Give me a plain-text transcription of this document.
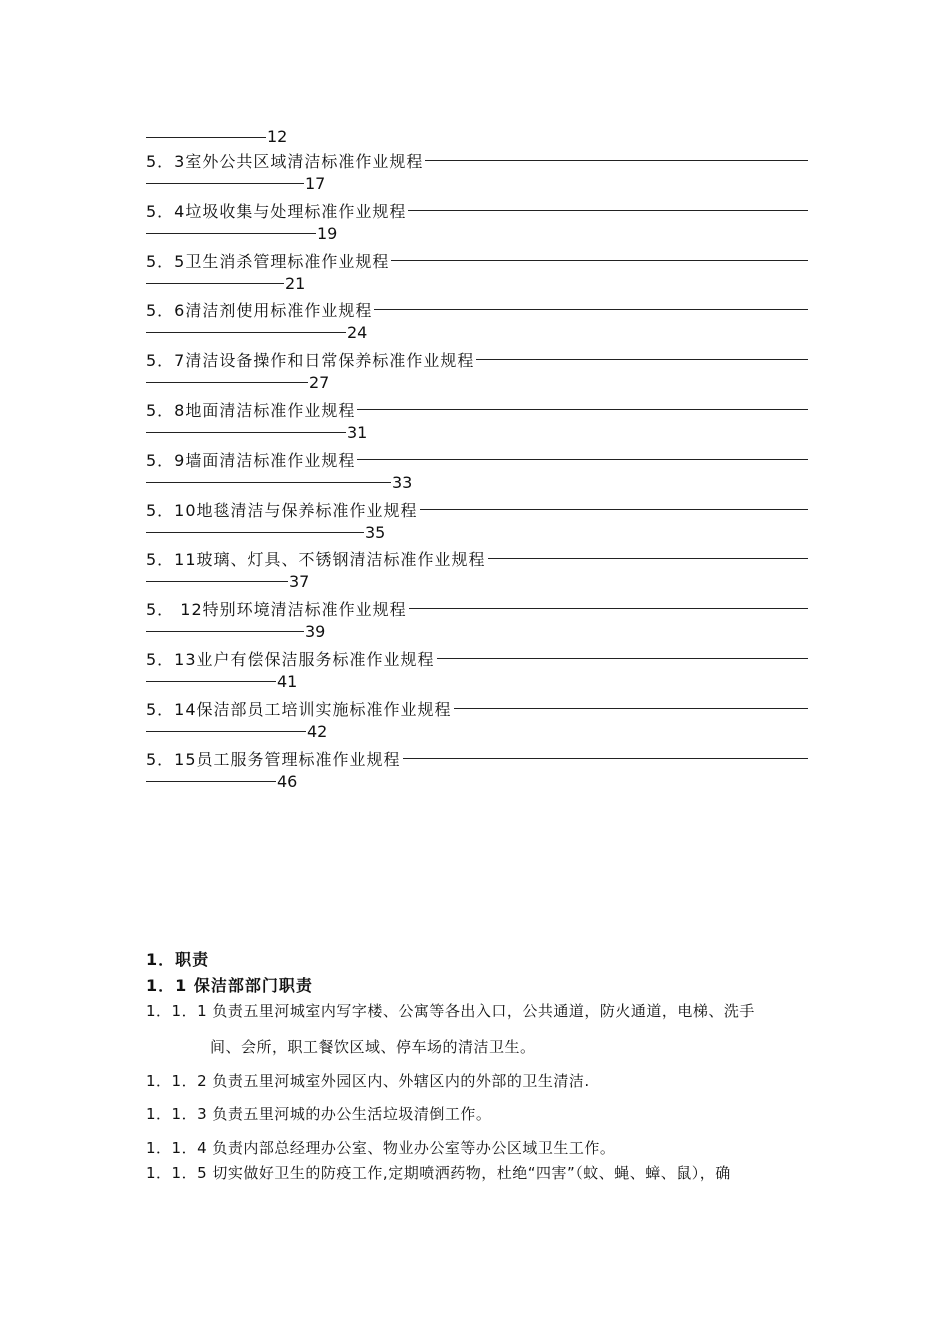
12
5．3 室外公共区域清洁标准作业规程
17
5．4 垃圾收集与处理标准作业规程
19
5．5 卫生消杀管理标准作业规程
21
5．6 清洁剂使用标准作业规程
24
5．7 清洁设备操作和日常保养标准作业规程
27
5．8 地面清洁标准作业规程
31
5．9 墙面清洁标准作业规程
33
5．10 地毯清洁与保养标准作业规程
35
5．11 玻璃、灯具、不锈钢清洁标准作业规程
37
5． 12 特别环境清洁标准作业规程
39
5．13 业户有偿保洁服务标准作业规程
41
5．14 保洁部员工培训实施标准作业规程
42
5．15 员工服务管理标准作业规程
46
1．职责
1．1 保洁部部门职责
1．1．1 负责五里河城室内写字楼、公寓等各出入口，公共通道，防火通道，电梯、洗手
间、会所，职工餐饮区域、停车场的清洁卫生。
1．1．2 负责五里河城室外园区内、外辖区内的外部的卫生清洁.
1．1．3 负责五里河城的办公生活垃圾清倒工作。
1．1．4 负责内部总经理办公室、物业办公室等办公区域卫生工作。
1．1．5 切实做好卫生的防疫工作,定期喷洒药物，杜绝“四害”（蚊、蝇、蟑、鼠），确
